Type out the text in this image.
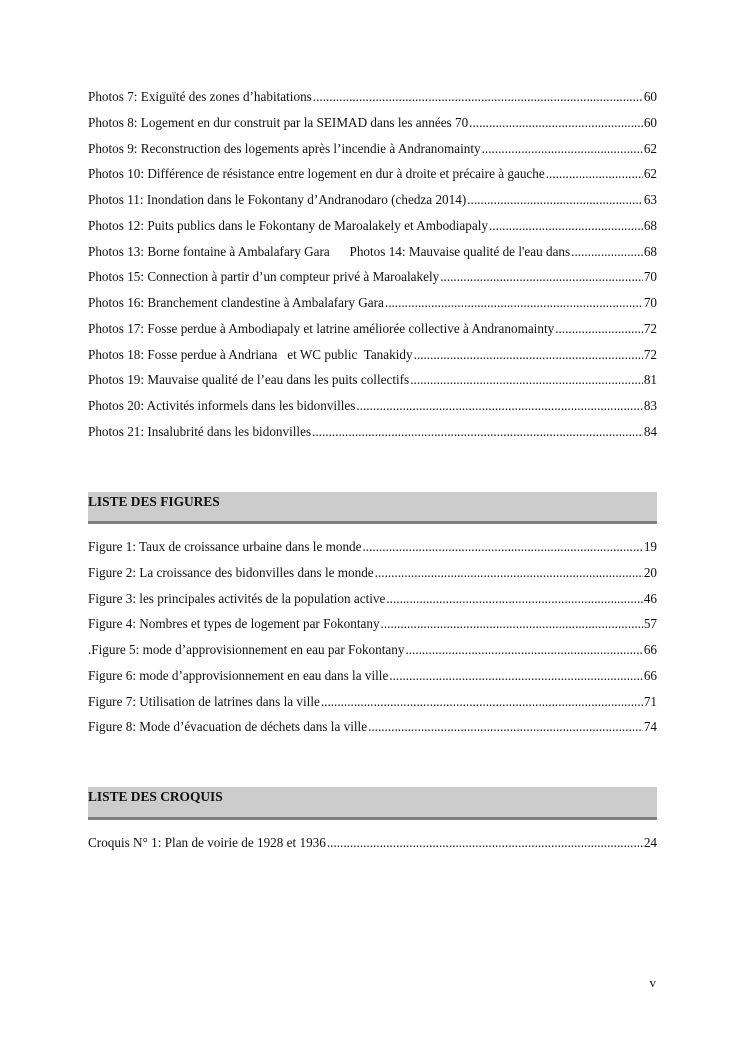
Photos 7: Exiguïté des zones d’habitations .....	60
Photos 8: Logement en dur construit par la SEIMAD dans les années 70 .....	60
Photos 9: Reconstruction des logements après l’incendie à Andranomainty .....	62
Photos 10: Différence de résistance entre logement en dur à droite et précaire à gauche .....	62
Photos 11: Inondation dans le Fokontany d’Andranodaro (chedza 2014) .....	63
Photos 12: Puits publics dans le Fokontany de Maroalakely et Ambodiapaly .....	68
Photos 13: Borne fontaine à Ambalafary Gara      Photos 14: Mauvaise qualité de l'eau dans .....	68
Photos 15: Connection à partir d’un compteur privé à Maroalakely .....	70
Photos 16: Branchement clandestine à Ambalafary Gara .....	70
Photos 17: Fosse perdue à Ambodiapaly et latrine améliorée collective à Andranomainty .....	72
Photos 18: Fosse perdue à Andriana   et WC public  Tanakidy .....	72
Photos 19: Mauvaise qualité de l’eau dans les puits collectifs .....	81
Photos 20: Activités informels dans les bidonvilles .....	83
Photos 21: Insalubrité dans les bidonvilles .....	84
LISTE DES FIGURES
Figure 1: Taux de croissance urbaine dans le monde .....	19
Figure 2: La croissance des bidonvilles dans le monde .....	20
Figure 3: les principales activités de la population active .....	46
Figure 4: Nombres et types de logement par Fokontany .....	57
.Figure 5: mode d’approvisionnement en eau par Fokontany .....	66
Figure 6: mode d’approvisionnement en eau dans la ville .....	66
Figure 7: Utilisation de latrines dans la ville .....	71
Figure 8: Mode d’évacuation de déchets dans la ville .....	74
LISTE DES CROQUIS
Croquis N° 1: Plan de voirie de 1928 et 1936 .....	24
v
